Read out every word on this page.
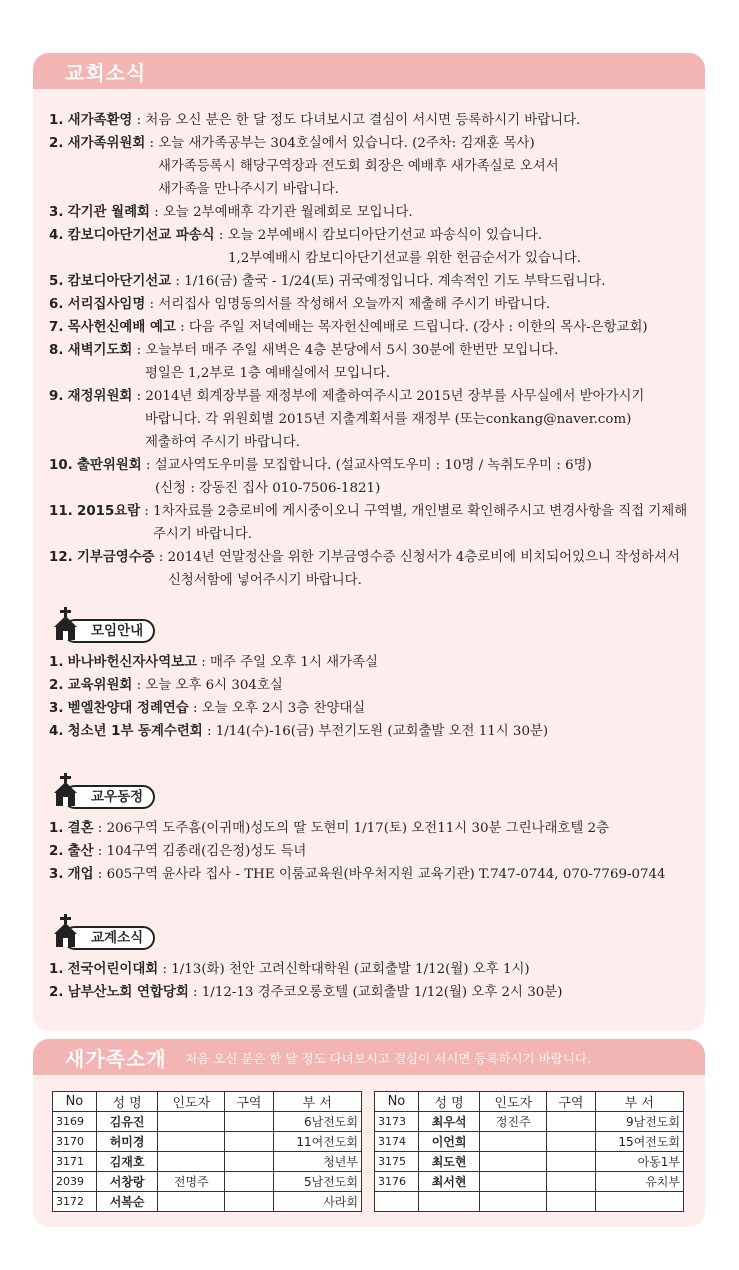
교회소식
1. 새가족환영 : 처음 오신 분은 한 달 정도 다녀보시고 결심이 서시면 등록하시기 바랍니다.
2. 새가족위원회 : 오늘 새가족공부는 304호실에서 있습니다. (2주차: 김재훈 목사)
새가족등록시 해당구역장과 전도회 회장은 예배후 새가족실로 오셔서
새가족을 만나주시기 바랍니다.
3. 각기관 월례회 : 오늘 2부예배후 각기관 월례회로 모입니다.
4. 캄보디아단기선교 파송식 : 오늘 2부예배시 캄보디아단기선교 파송식이 있습니다.
1,2부예배시 캄보디아단기선교를 위한 헌금순서가 있습니다.
5. 캄보디아단기선교 : 1/16(금) 출국 - 1/24(토) 귀국예정입니다. 계속적인 기도 부탁드립니다.
6. 서리집사임명 : 서리집사 임명동의서를 작성해서 오늘까지 제출해 주시기 바랍니다.
7. 목사헌신예배 예고 : 다음 주일 저녁예배는 목자헌신예배로 드립니다. (강사 : 이한의 목사-은항교회)
8. 새벽기도회 : 오늘부터 매주 주일 새벽은 4층 본당에서 5시 30분에 한번만 모입니다.
평일은 1,2부로 1층 예배실에서 모입니다.
9. 재정위원회 : 2014년 회계장부를 재정부에 제출하여주시고 2015년 장부를 사무실에서 받아가시기
바랍니다. 각 위원회별 2015년 지출계획서를 재정부 (또는conkang@naver.com)
제출하여 주시기 바랍니다.
10. 출판위원회 : 설교사역도우미를 모집합니다. (설교사역도우미 : 10명 / 녹취도우미 : 6명)
(신청 : 강동진 집사 010-7506-1821)
11. 2015요람 : 1차자료를 2층로비에 게시중이오니 구역별, 개인별로 확인해주시고 변경사항을 직접 기제해
주시기 바랍니다.
12. 기부금영수증 : 2014년 연말정산을 위한 기부금영수증 신청서가 4층로비에 비치되어있으니 작성하셔서
신청서함에 넣어주시기 바랍니다.
모임안내
1. 바나바헌신자사역보고 : 매주 주일 오후 1시 새가족실
2. 교육위원회 : 오늘 오후 6시 304호실
3. 벧엘찬양대 정례연습 : 오늘 오후 2시 3층 찬양대실
4. 청소년 1부 동계수련회 : 1/14(수)-16(금) 부전기도원 (교회출발 오전 11시 30분)
교우동정
1. 결혼 : 206구역 도주흠(이귀매)성도의 딸 도현미 1/17(토) 오전11시 30분 그린나래호텔 2층
2. 출산 : 104구역 김종래(김은정)성도 득녀
3. 개업 : 605구역 윤사라 집사 - THE 이룸교육원(바우처지원 교육기관) T.747-0744, 070-7769-0744
교계소식
1. 전국어린이대회 : 1/13(화) 천안 고려신학대학원 (교회출발 1/12(월) 오후 1시)
2. 남부산노회 연합당회 : 1/12-13 경주코오롱호텔 (교회출발 1/12(월) 오후 2시 30분)
새가족소개 처음 오신 분은 한 달 정도 다녀보시고 결심이 서시면 등록하시기 바랍니다.
No	성 명	인도자	구역	부 서
3169	김유진			6남전도회
3170	허미경			11여전도회
3171	김재호			청년부
2039	서창랑	전명주		5남전도회
3172	서복순			사라회
No	성 명	인도자	구역	부 서
3173	최우석	정진주		9남전도회
3174	이언희			15여전도회
3175	최도현			아동1부
3176	최서현			유치부
